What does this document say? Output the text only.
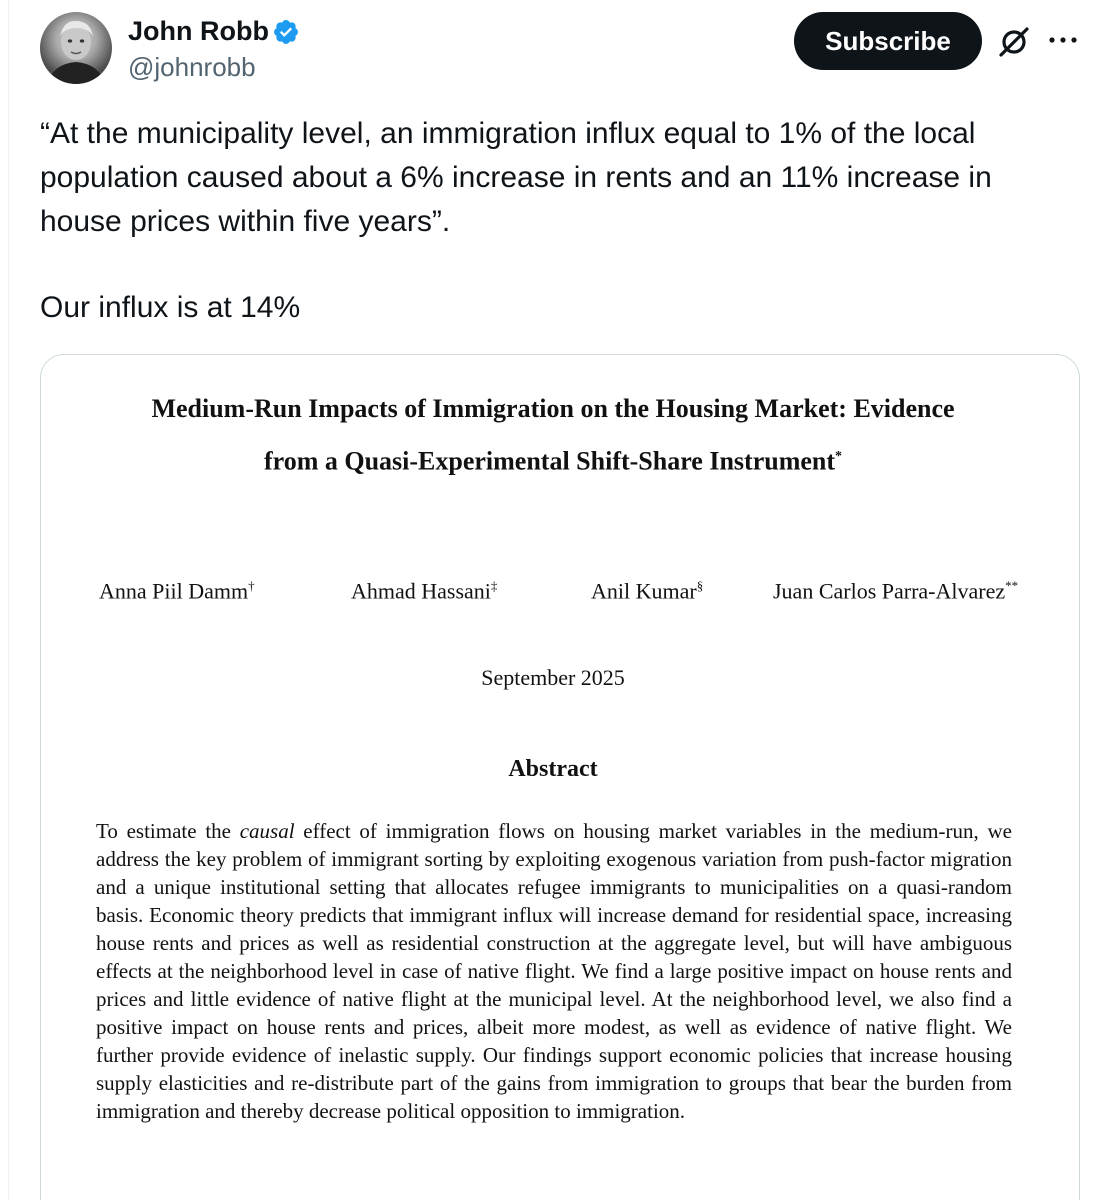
John Robb
@johnrobb
Subscribe

“At the municipality level, an immigration influx equal to 1% of the local population caused about a 6% increase in rents and an 11% increase in house prices within five years”.

Our influx is at 14%

Medium-Run Impacts of Immigration on the Housing Market: Evidence
from a Quasi-Experimental Shift-Share Instrument*
Anna Piil Damm†	Ahmad Hassani‡	Anil Kumar§	Juan Carlos Parra-Alvarez**
September 2025
Abstract

To estimate the causal effect of immigration flows on housing market variables in the medium-run, we address the key problem of immigrant sorting by exploiting exogenous variation from push-factor migration and a unique institutional setting that allocates refugee immigrants to municipalities on a quasi-random basis. Economic theory predicts that immigrant influx will increase demand for residential space, increasing house rents and prices as well as residential construction at the aggregate level, but will have ambiguous effects at the neighborhood level in case of native flight. We find a large positive impact on house rents and prices and little evidence of native flight at the municipal level. At the neighborhood level, we also find a positive impact on house rents and prices, albeit more modest, as well as evidence of native flight. We further provide evidence of inelastic supply. Our findings support economic policies that increase housing supply elasticities and re-distribute part of the gains from immigration to groups that bear the burden from immigration and thereby decrease political opposition to immigration.
